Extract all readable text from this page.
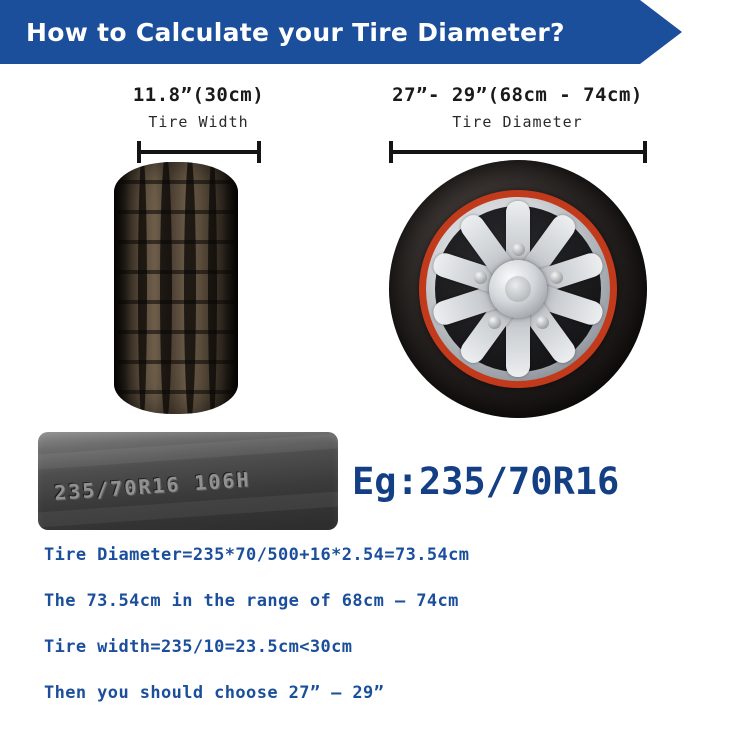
How to Calculate your Tire Diameter?
11.8”(30cm)
Tire Width
27”- 29”(68cm - 74cm)
Tire Diameter
235/70R16 106H	Eg:235/70R16
Tire Diameter=235*70/500+16*2.54=73.54cm
The 73.54cm in the range of 68cm – 74cm
Tire width=235/10=23.5cm<30cm
Then you should choose 27” – 29”
